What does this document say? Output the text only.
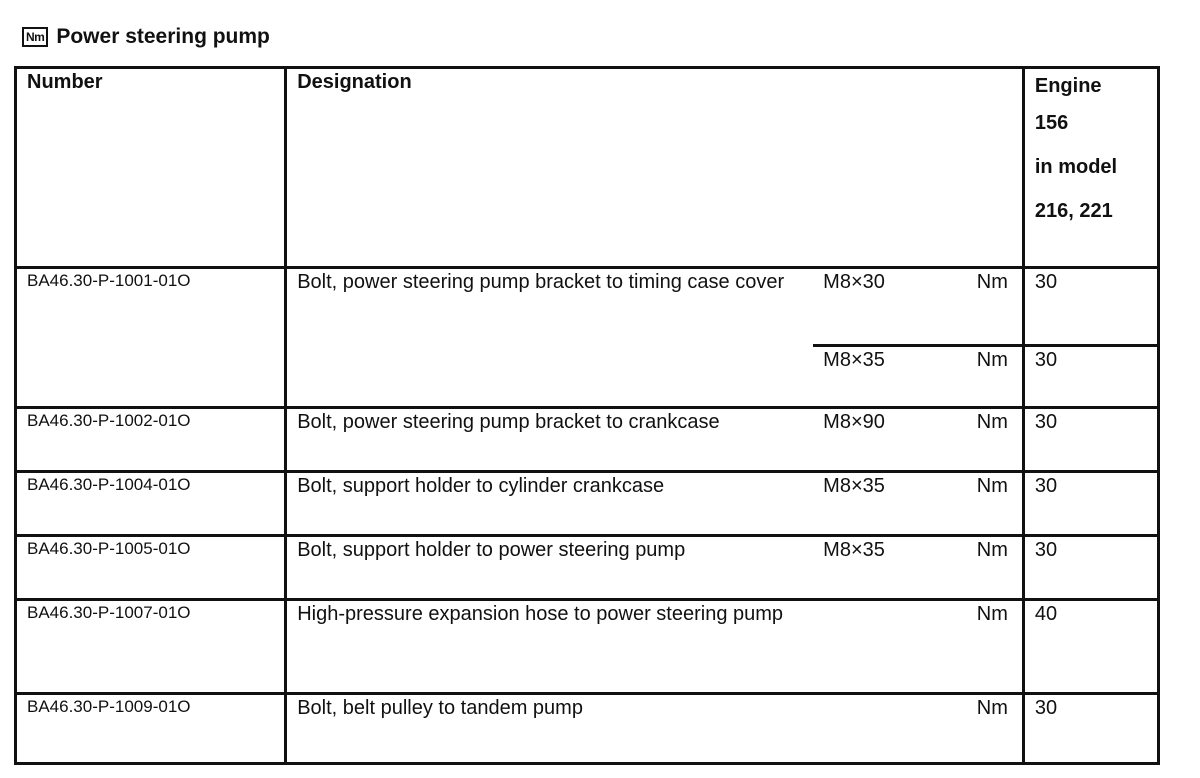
Nm Power steering pump
Number	Designation			Engine
156
in model
216, 221

BA46.30-P-1001-01O	Bolt, power steering pump bracket to timing case cover	M8×30	Nm	30
		M8×35	Nm	30
BA46.30-P-1002-01O	Bolt, power steering pump bracket to crankcase	M8×90	Nm	30
BA46.30-P-1004-01O	Bolt, support holder to cylinder crankcase	M8×35	Nm	30
BA46.30-P-1005-01O	Bolt, support holder to power steering pump	M8×35	Nm	30
BA46.30-P-1007-01O	High-pressure expansion hose to power steering pump		Nm	40
BA46.30-P-1009-01O	Bolt, belt pulley to tandem pump		Nm	30
